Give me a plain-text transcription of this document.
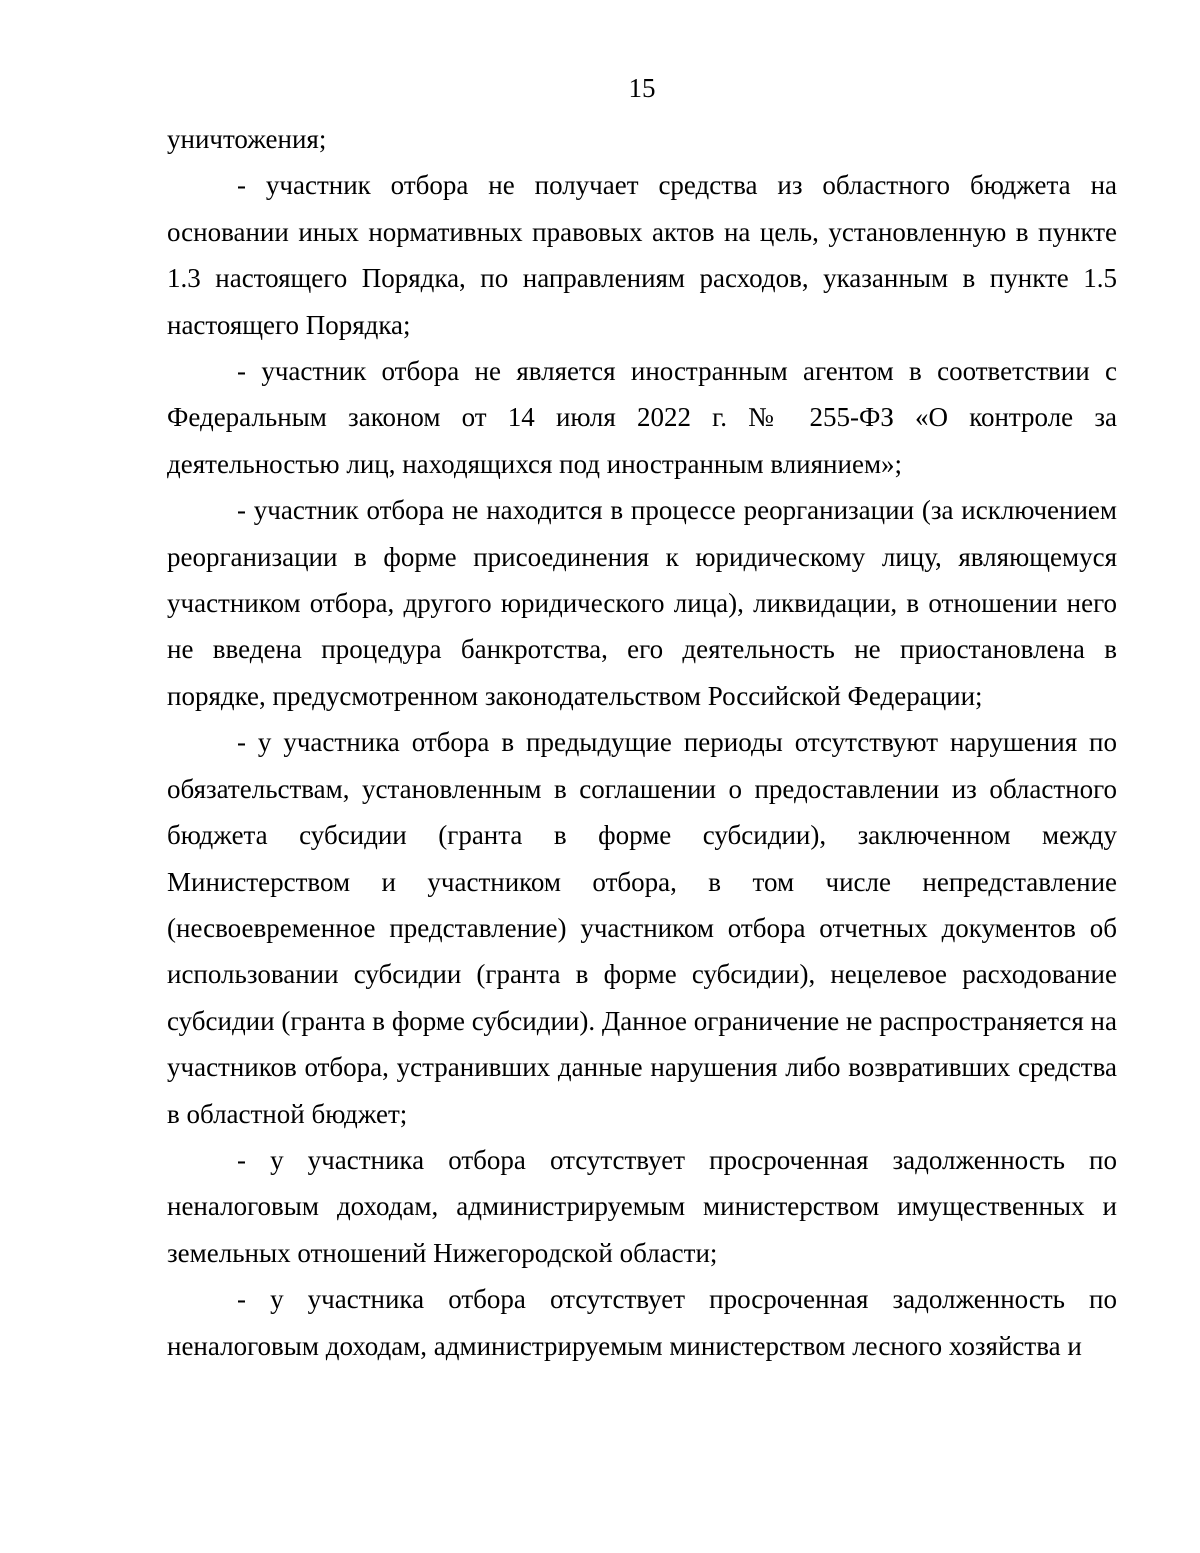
15

уничтожения;

- участник отбора не получает средства из областного бюджета на основании иных нормативных правовых актов на цель, установленную в пункте 1.3 настоящего Порядка, по направлениям расходов, указанным в пункте 1.5 настоящего Порядка;

- участник отбора не является иностранным агентом в соответствии с Федеральным законом от 14 июля 2022 г. № 255-ФЗ «О контроле за деятельностью лиц, находящихся под иностранным влиянием»;

- участник отбора не находится в процессе реорганизации (за исключением реорганизации в форме присоединения к юридическому лицу, являющемуся участником отбора, другого юридического лица), ликвидации, в отношении него не введена процедура банкротства, его деятельность не приостановлена в порядке, предусмотренном законодательством Российской Федерации;

- у участника отбора в предыдущие периоды отсутствуют нарушения по обязательствам, установленным в соглашении о предоставлении из областного бюджета субсидии (гранта в форме субсидии), заключенном между Министерством и участником отбора, в том числе непредставление (несвоевременное представление) участником отбора отчетных документов об использовании субсидии (гранта в форме субсидии), нецелевое расходование субсидии (гранта в форме субсидии). Данное ограничение не распространяется на участников отбора, устранивших данные нарушения либо возвративших средства в областной бюджет;

- у участника отбора отсутствует просроченная задолженность по неналоговым доходам, администрируемым министерством имущественных и земельных отношений Нижегородской области;

- у участника отбора отсутствует просроченная задолженность по неналоговым доходам, администрируемым министерством лесного хозяйства и
